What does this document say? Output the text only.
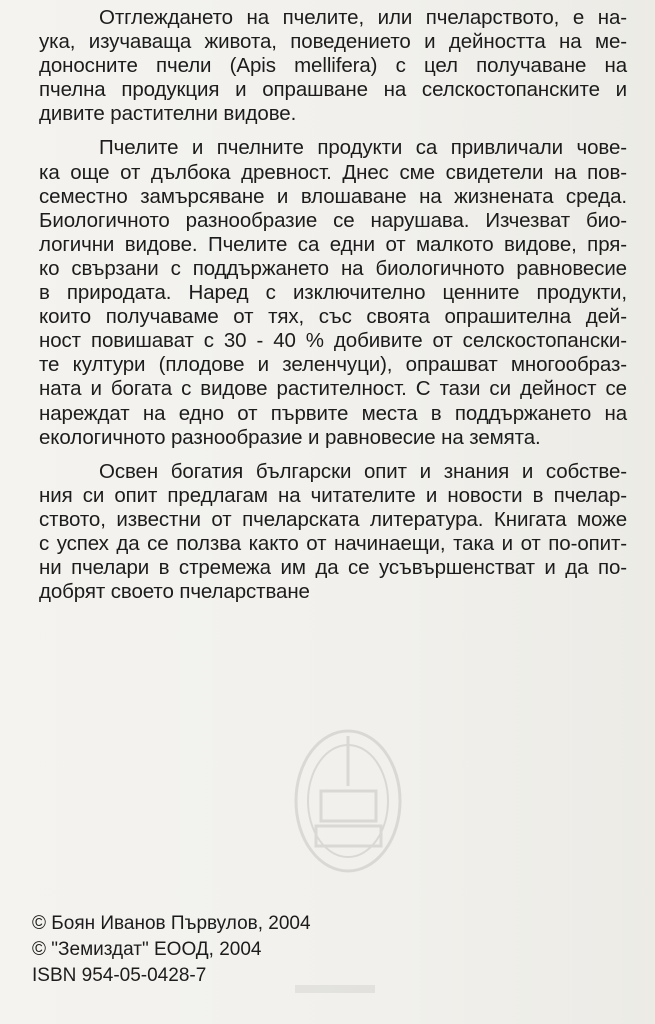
Отглеждането на пчелите, или пчеларството, е на-
ука, изучаваща живота, поведението и дейността на ме-
доносните пчели (Apis mellifera) с цел получаване на
пчелна продукция и опрашване на селскостопанските и
дивите растителни видове.
Пчелите и пчелните продукти са привличали чове-
ка още от дълбока древност. Днес сме свидетели на пов-
семестно замърсяване и влошаване на жизнената среда.
Биологичното разнообразие се нарушава. Изчезват био-
логични видове. Пчелите са едни от малкото видове, пря-
ко свързани с поддържането на биологичното равновесие
в природата. Наред с изключително ценните продукти,
които получаваме от тях, със своята опрашителна дей-
ност повишават с 30 - 40 % добивите от селскостопански-
те култури (плодове и зеленчуци), опрашват многообраз-
ната и богата с видове растителност. С тази си дейност се
нареждат на едно от първите места в поддържането на
екологичното разнообразие и равновесие на земята.
Освен богатия български опит и знания и собстве-
ния си опит предлагам на читателите и новости в пчелар-
ството, известни от пчеларската литература. Книгата може
с успех да се ползва както от начинаещи, така и от по-опит-
ни пчелари в стремежа им да се усъвършенстват и да по-
добрят своето пчеларстване
© Боян Иванов Първулов, 2004
© "Земиздат" ЕООД, 2004
ISBN 954-05-0428-7
